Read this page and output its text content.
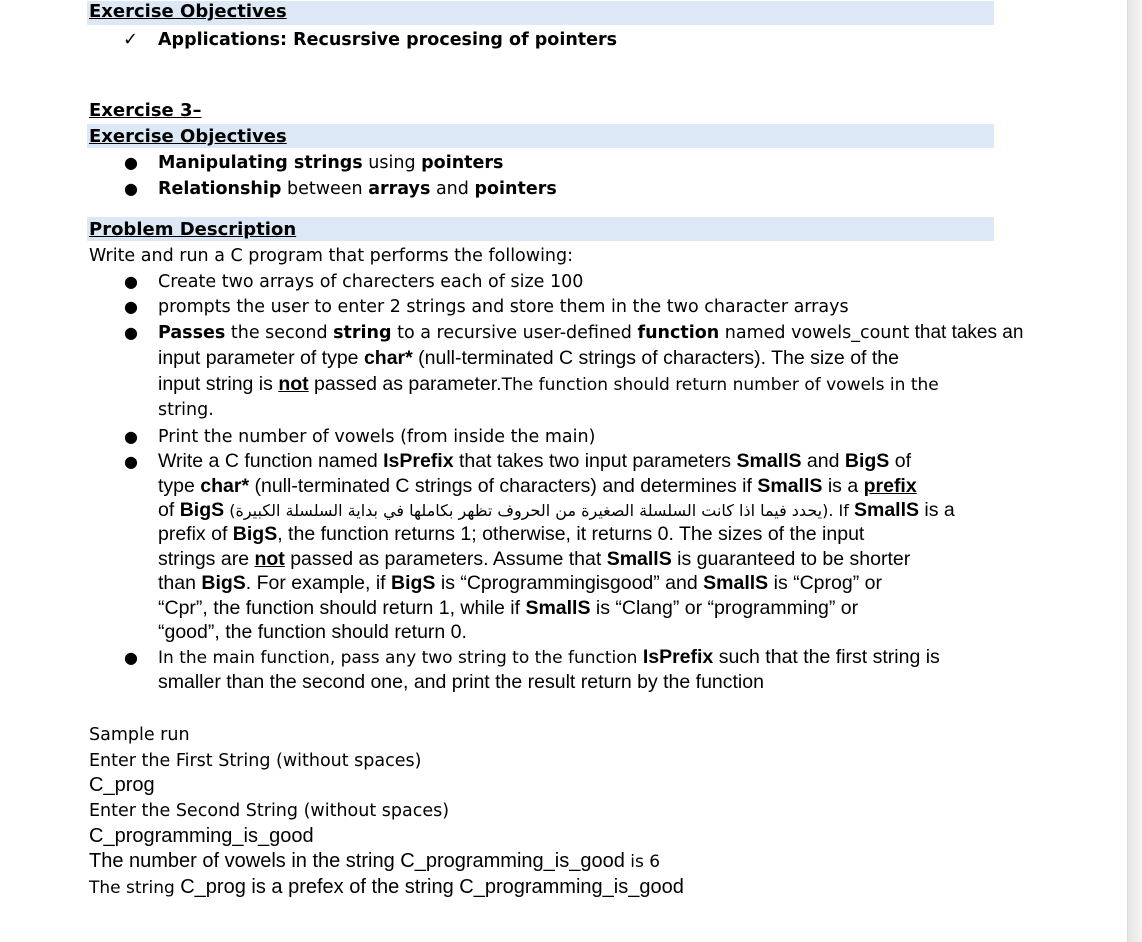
Exercise Objectives
✓ Applications: Recusrsive procesing of pointers
Exercise 3–
Exercise Objectives
● Manipulating strings using pointers
● Relationship between arrays and pointers
Problem Description
Write and run a C program that performs the following:
● Create two arrays of charecters each of size 100
● prompts the user to enter 2 strings and store them in the two character arrays
● Passes the second string to a recursive user-defined function named vowels_count that takes an
input parameter of type char* (null-terminated C strings of characters). The size of the
input string is not passed as parameter.The function should return number of vowels in the
string.
● Print the number of vowels (from inside the main)
● Write a C function named IsPrefix that takes two input parameters SmallS and BigS of
type char* (null-terminated C strings of characters) and determines if SmallS is a prefix
of BigS (يحدد فيما اذا كانت السلسلة الصغيرة من الحروف تظهر بكاملها في بداية السلسلة الكبيرة). If SmallS is a
prefix of BigS, the function returns 1; otherwise, it returns 0. The sizes of the input
strings are not passed as parameters. Assume that SmallS is guaranteed to be shorter
than BigS. For example, if BigS is “Cprogrammingisgood” and SmallS is “Cprog” or
“Cpr”, the function should return 1, while if SmallS is “Clang” or “programming” or
“good”, the function should return 0.
● In the main function, pass any two string to the function IsPrefix such that the first string is
smaller than the second one, and print the result return by the function
Sample run
Enter the First String (without spaces)
C_prog
Enter the Second String (without spaces)
C_programming_is_good
The number of vowels in the string C_programming_is_good is 6
The string C_prog is a prefex of the string C_programming_is_good
